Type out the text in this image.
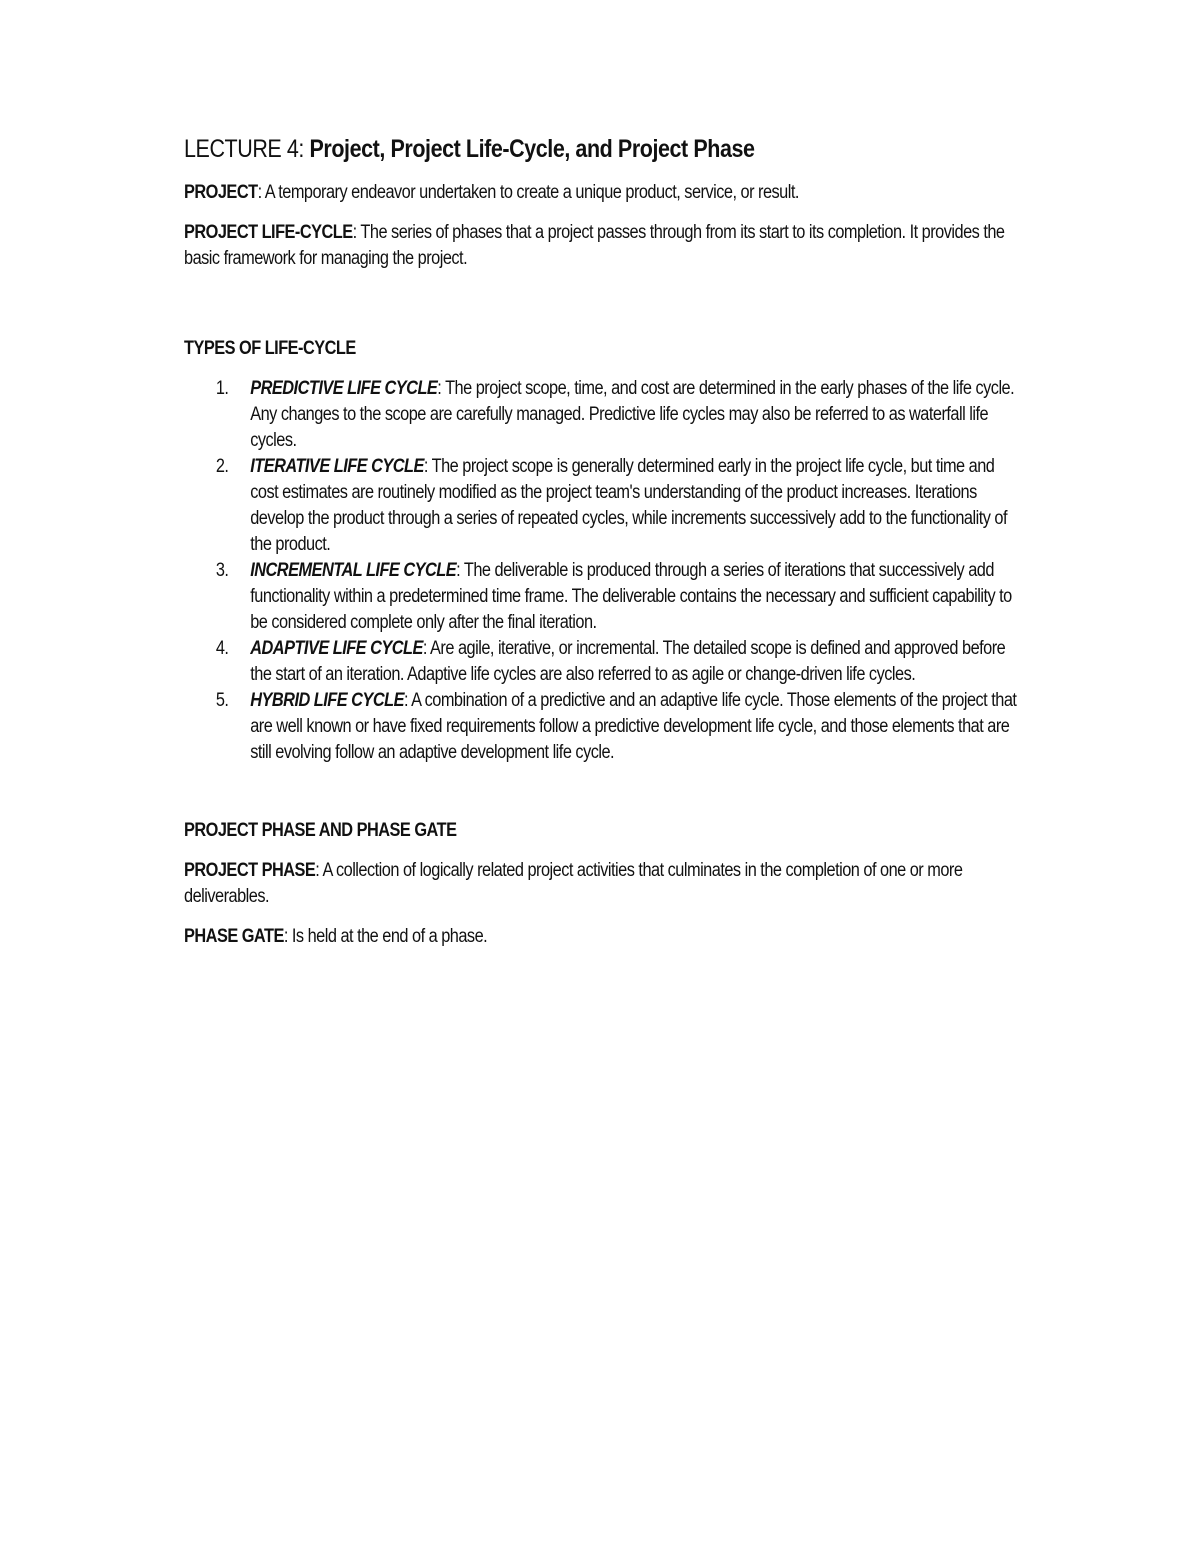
LECTURE 4: Project, Project Life-Cycle, and Project Phase

PROJECT: A temporary endeavor undertaken to create a unique product, service, or result.

PROJECT LIFE-CYCLE: The series of phases that a project passes through from its start to its completion. It provides the basic framework for managing the project.

TYPES OF LIFE-CYCLE
1. PREDICTIVE LIFE CYCLE: The project scope, time, and cost are determined in the early phases of the life cycle. Any changes to the scope are carefully managed. Predictive life cycles may also be referred to as waterfall life cycles.
2. ITERATIVE LIFE CYCLE: The project scope is generally determined early in the project life cycle, but time and cost estimates are routinely modified as the project team's understanding of the product increases. Iterations develop the product through a series of repeated cycles, while increments successively add to the functionality of the product.
3. INCREMENTAL LIFE CYCLE: The deliverable is produced through a series of iterations that successively add functionality within a predetermined time frame. The deliverable contains the necessary and sufficient capability to be considered complete only after the final iteration.
4. ADAPTIVE LIFE CYCLE: Are agile, iterative, or incremental. The detailed scope is defined and approved before the start of an iteration. Adaptive life cycles are also referred to as agile or change-driven life cycles.
5. HYBRID LIFE CYCLE: A combination of a predictive and an adaptive life cycle. Those elements of the project that are well known or have fixed requirements follow a predictive development life cycle, and those elements that are still evolving follow an adaptive development life cycle.
PROJECT PHASE AND PHASE GATE

PROJECT PHASE: A collection of logically related project activities that culminates in the completion of one or more deliverables.

PHASE GATE: Is held at the end of a phase.
